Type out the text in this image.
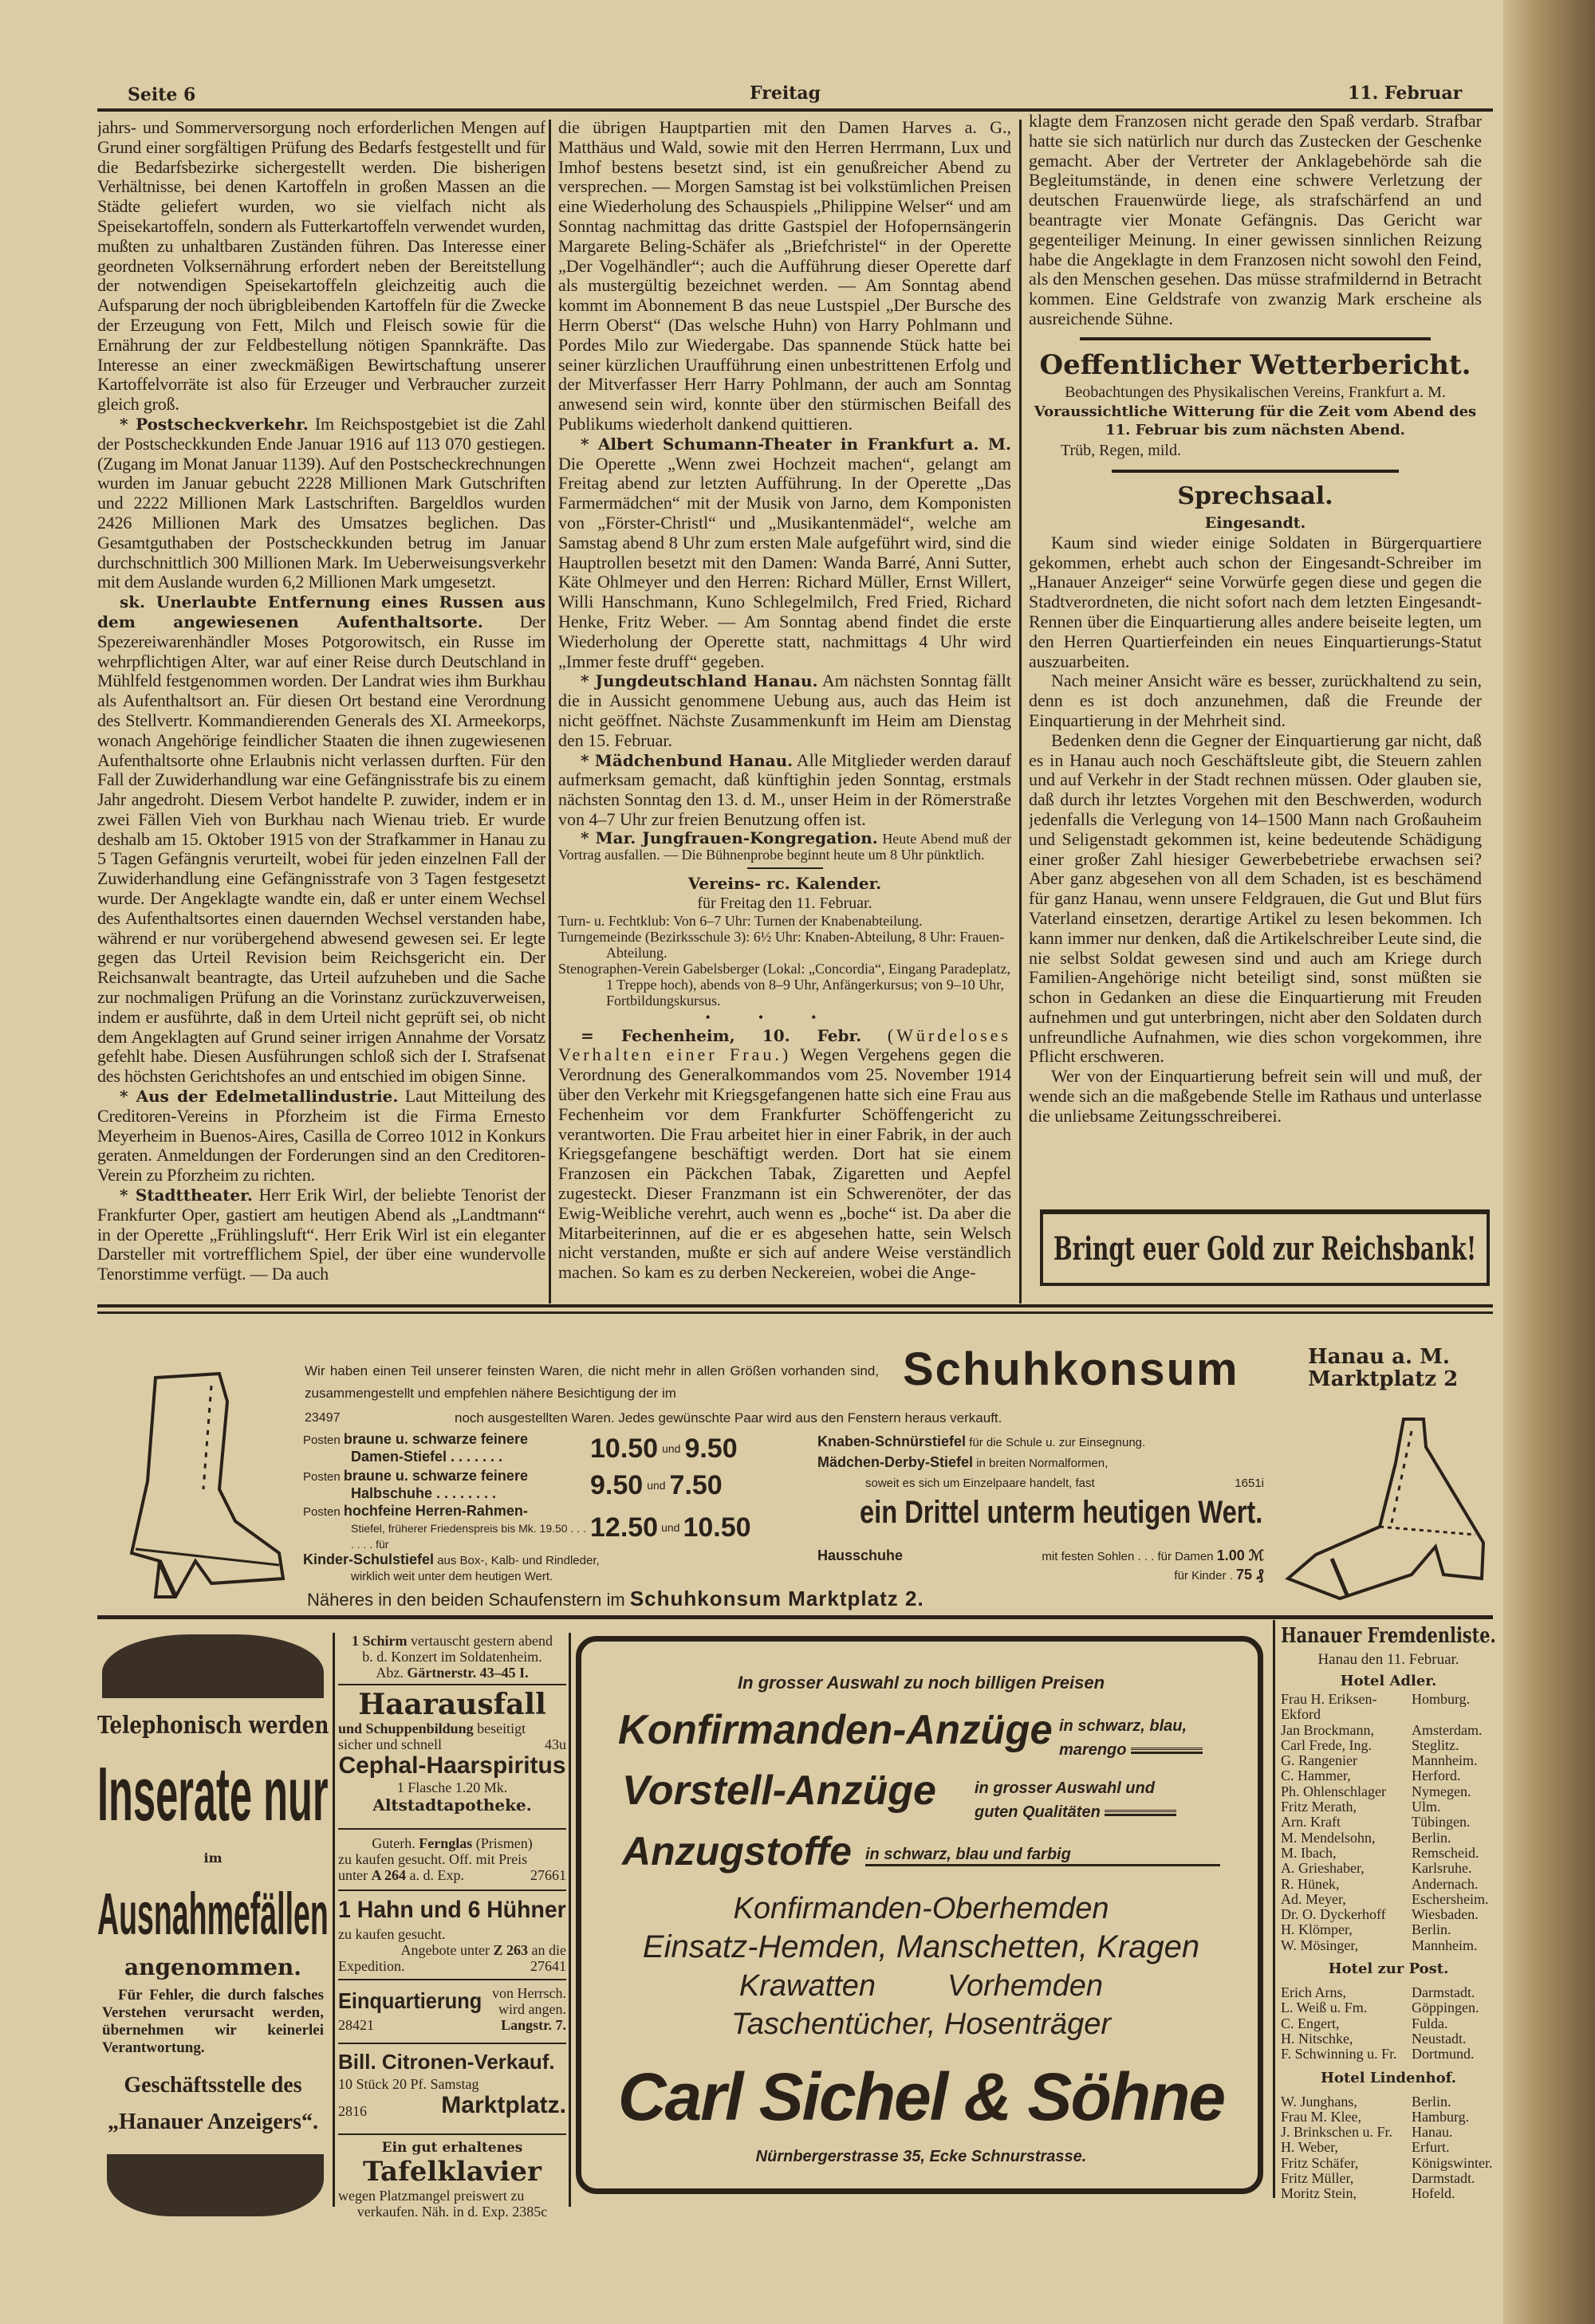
Seite 6	Freitag	11. Februar

jahrs- und Sommerversorgung noch erforderlichen Mengen auf Grund einer sorgfältigen Prüfung des Bedarfs festgestellt und für die Bedarfsbezirke sichergestellt werden. Die bisherigen Verhältnisse, bei denen Kartoffeln in großen Massen an die Städte geliefert wurden, wo sie vielfach nicht als Speisekartoffeln, sondern als Futterkartoffeln verwendet wurden, mußten zu unhaltbaren Zuständen führen. Das Interesse einer geordneten Volksernährung erfordert neben der Bereitstellung der notwendigen Speisekartoffeln gleichzeitig auch die Aufsparung der noch übrigbleibenden Kartoffeln für die Zwecke der Erzeugung von Fett, Milch und Fleisch sowie für die Ernährung der zur Feldbestellung nötigen Spannkräfte. Das Interesse an einer zweckmäßigen Bewirtschaftung unserer Kartoffelvorräte ist also für Erzeuger und Verbraucher zurzeit gleich groß.

* Postscheckverkehr. Im Reichspostgebiet ist die Zahl der Postscheckkunden Ende Januar 1916 auf 113 070 gestiegen. (Zugang im Monat Januar 1139). Auf den Postscheckrechnungen wurden im Januar gebucht 2228 Millionen Mark Gutschriften und 2222 Millionen Mark Lastschriften. Bargeldlos wurden 2426 Millionen Mark des Umsatzes beglichen. Das Gesamtguthaben der Postscheckkunden betrug im Januar durchschnittlich 300 Millionen Mark. Im Ueberweisungsverkehr mit dem Auslande wurden 6,2 Millionen Mark umgesetzt.

sk. Unerlaubte Entfernung eines Russen aus dem angewiesenen Aufenthaltsorte. Der Spezereiwarenhändler Moses Potgorowitsch, ein Russe im wehrpflichtigen Alter, war auf einer Reise durch Deutschland in Mühlfeld festgenommen worden. Der Landrat wies ihm Burkhau als Aufenthaltsort an. Für diesen Ort bestand eine Verordnung des Stellvertr. Kommandierenden Generals des XI. Armeekorps, wonach Angehörige feindlicher Staaten die ihnen zugewiesenen Aufenthaltsorte ohne Erlaubnis nicht verlassen durften. Für den Fall der Zuwiderhandlung war eine Gefängnisstrafe bis zu einem Jahr angedroht. Diesem Verbot handelte P. zuwider, indem er in zwei Fällen Vieh von Burkhau nach Wienau trieb. Er wurde deshalb am 15. Oktober 1915 von der Strafkammer in Hanau zu 5 Tagen Gefängnis verurteilt, wobei für jeden einzelnen Fall der Zuwiderhandlung eine Gefängnisstrafe von 3 Tagen festgesetzt wurde. Der Angeklagte wandte ein, daß er unter einem Wechsel des Aufenthaltsortes einen dauernden Wechsel verstanden habe, während er nur vorübergehend abwesend gewesen sei. Er legte gegen das Urteil Revision beim Reichsgericht ein. Der Reichsanwalt beantragte, das Urteil aufzuheben und die Sache zur nochmaligen Prüfung an die Vorinstanz zurückzuverweisen, indem er ausführte, daß in dem Urteil nicht geprüft sei, ob nicht dem Angeklagten auf Grund seiner irrigen Annahme der Vorsatz gefehlt habe. Diesen Ausführungen schloß sich der I. Strafsenat des höchsten Gerichtshofes an und entschied im obigen Sinne.

* Aus der Edelmetallindustrie. Laut Mitteilung des Creditoren-Vereins in Pforzheim ist die Firma Ernesto Meyerheim in Buenos-Aires, Casilla de Correo 1012 in Konkurs geraten. Anmeldungen der Forderungen sind an den Creditoren-Verein zu Pforzheim zu richten.

* Stadttheater. Herr Erik Wirl, der beliebte Tenorist der Frankfurter Oper, gastiert am heutigen Abend als „Landtmann“ in der Operette „Frühlingsluft“. Herr Erik Wirl ist ein eleganter Darsteller mit vortrefflichem Spiel, der über eine wundervolle Tenorstimme verfügt. — Da auch

die übrigen Hauptpartien mit den Damen Harves a. G., Matthäus und Wald, sowie mit den Herren Herrmann, Lux und Imhof bestens besetzt sind, ist ein genußreicher Abend zu versprechen. — Morgen Samstag ist bei volkstümlichen Preisen eine Wiederholung des Schauspiels „Philippine Welser“ und am Sonntag nachmittag das dritte Gastspiel der Hofopernsängerin Margarete Beling-Schäfer als „Briefchristel“ in der Operette „Der Vogelhändler“; auch die Aufführung dieser Operette darf als mustergültig bezeichnet werden. — Am Sonntag abend kommt im Abonnement B das neue Lustspiel „Der Bursche des Herrn Oberst“ (Das welsche Huhn) von Harry Pohlmann und Pordes Milo zur Wiedergabe. Das spannende Stück hatte bei seiner kürzlichen Uraufführung einen unbestrittenen Erfolg und der Mitverfasser Herr Harry Pohlmann, der auch am Sonntag anwesend sein wird, konnte über den stürmischen Beifall des Publikums wiederholt dankend quittieren.

* Albert Schumann-Theater in Frankfurt a. M. Die Operette „Wenn zwei Hochzeit machen“, gelangt am Freitag abend zur letzten Aufführung. In der Operette „Das Farmermädchen“ mit der Musik von Jarno, dem Komponisten von „Förster-Christl“ und „Musikantenmädel“, welche am Samstag abend 8 Uhr zum ersten Male aufgeführt wird, sind die Hauptrollen besetzt mit den Damen: Wanda Barré, Anni Sutter, Käte Ohlmeyer und den Herren: Richard Müller, Ernst Willert, Willi Hanschmann, Kuno Schlegelmilch, Fred Fried, Richard Henke, Fritz Weber. — Am Sonntag abend findet die erste Wiederholung der Operette statt, nachmittags 4 Uhr wird „Immer feste druff“ gegeben.

* Jungdeutschland Hanau. Am nächsten Sonntag fällt die in Aussicht genommene Uebung aus, auch das Heim ist nicht geöffnet. Nächste Zusammenkunft im Heim am Dienstag den 15. Februar.

* Mädchenbund Hanau. Alle Mitglieder werden darauf aufmerksam gemacht, daß künftighin jeden Sonntag, erstmals nächsten Sonntag den 13. d. M., unser Heim in der Römerstraße von 4–7 Uhr zur freien Benutzung offen ist.

* Mar. Jungfrauen-Kongregation. Heute Abend muß der Vortrag ausfallen. — Die Bühnenprobe beginnt heute um 8 Uhr pünktlich.

Vereins- rc. Kalender.
für Freitag den 11. Februar.
Turn- u. Fechtklub: Von 6–7 Uhr: Turnen der Knabenabteilung.
Turngemeinde (Bezirksschule 3): 6½ Uhr: Knaben-Abteilung, 8 Uhr: Frauen-Abteilung.
Stenographen-Verein Gabelsberger (Lokal: „Concordia“, Eingang Paradeplatz, 1 Treppe hoch), abends von 8–9 Uhr, Anfängerkursus; von 9–10 Uhr, Fortbildungskursus.
•••

= Fechenheim, 10. Febr. (Würdeloses Verhalten einer Frau.) Wegen Vergehens gegen die Verordnung des Generalkommandos vom 25. November 1914 über den Verkehr mit Kriegsgefangenen hatte sich eine Frau aus Fechenheim vor dem Frankfurter Schöffengericht zu verantworten. Die Frau arbeitet hier in einer Fabrik, in der auch Kriegsgefangene beschäftigt werden. Dort hat sie einem Franzosen ein Päckchen Tabak, Zigaretten und Aepfel zugesteckt. Dieser Franzmann ist ein Schwerenöter, der das Ewig-Weibliche verehrt, auch wenn es „boche“ ist. Da aber die Mitarbeiterinnen, auf die er es abgesehen hatte, sein Welsch nicht verstanden, mußte er sich auf andere Weise verständlich machen. So kam es zu derben Neckereien, wobei die Ange-

klagte dem Franzosen nicht gerade den Spaß verdarb. Strafbar hatte sie sich natürlich nur durch das Zustecken der Geschenke gemacht. Aber der Vertreter der Anklagebehörde sah die Begleitumstände, in denen eine schwere Verletzung der deutschen Frauenwürde liege, als strafschärfend an und beantragte vier Monate Gefängnis. Das Gericht war gegenteiliger Meinung. In einer gewissen sinnlichen Reizung habe die Angeklagte in dem Franzosen nicht sowohl den Feind, als den Menschen gesehen. Das müsse strafmildernd in Betracht kommen. Eine Geldstrafe von zwanzig Mark erscheine als ausreichende Sühne.

Oeffentlicher Wetterbericht.
Beobachtungen des Physikalischen Vereins, Frankfurt a. M.
Voraussichtliche Witterung für die Zeit vom Abend des 11. Februar bis zum nächsten Abend.
Trüb, Regen, mild.
Sprechsaal.
Eingesandt.

Kaum sind wieder einige Soldaten in Bürgerquartiere gekommen, erhebt auch schon der Eingesandt-Schreiber im „Hanauer Anzeiger“ seine Vorwürfe gegen diese und gegen die Stadtverordneten, die nicht sofort nach dem letzten Eingesandt-Rennen über die Einquartierung alles andere beiseite legten, um den Herren Quartierfeinden ein neues Einquartierungs-Statut auszuarbeiten.

Nach meiner Ansicht wäre es besser, zurückhaltend zu sein, denn es ist doch anzunehmen, daß die Freunde der Einquartierung in der Mehrheit sind.

Bedenken denn die Gegner der Einquartierung gar nicht, daß es in Hanau auch noch Geschäftsleute gibt, die Steuern zahlen und auf Verkehr in der Stadt rechnen müssen. Oder glauben sie, daß durch ihr letztes Vorgehen mit den Beschwerden, wodurch jedenfalls die Verlegung von 14–1500 Mann nach Großauheim und Seligenstadt gekommen ist, keine bedeutende Schädigung einer großer Zahl hiesiger Gewerbebetriebe erwachsen sei? Aber ganz abgesehen von all dem Schaden, ist es beschämend für ganz Hanau, wenn unsere Feldgrauen, die Gut und Blut fürs Vaterland einsetzen, derartige Artikel zu lesen bekommen. Ich kann immer nur denken, daß die Artikelschreiber Leute sind, die nie selbst Soldat gewesen sind und auch am Kriege durch Familien-Angehörige nicht beteiligt sind, sonst müßten sie schon in Gedanken an diese die Einquartierung mit Freuden aufnehmen und gut unterbringen, nicht aber den Soldaten durch unfreundliche Aufnahmen, wie dies schon vorgekommen, ihre Pflicht erschweren.

Wer von der Einquartierung befreit sein will und muß, der wende sich an die maßgebende Stelle im Rathaus und unterlasse die unliebsame Zeitungsschreiberei.

Bringt euer Gold zur Reichsbank!
Wir haben einen Teil unserer feinsten Waren, die nicht mehr in allen Größen vorhanden sind, zusammengestellt und empfehlen nähere Besichtigung der im
23497	noch ausgestellten Waren. Jedes gewünschte Paar wird aus den Fenstern heraus verkauft.
Schuhkonsum	Hanau a. M.
Marktplatz 2
Posten braune u. schwarze feinere
Damen-Stiefel . . . . . . .	10.50 und 9.50
Posten braune u. schwarze feinere
Halbschuhe . . . . . . . .	9.50 und 7.50
Posten hochfeine Herren-Rahmen-

Stiefel, früherer Friedenspreis bis Mk. 19.50 . . . . . . . für
12.50 und 10.50
Kinder-Schulstiefel aus Box-, Kalb- und Rindleder,
wirklich weit unter dem heutigen Wert.
Knaben-Schnürstiefel für die Schule u. zur Einsegnung.
Mädchen-Derby-Stiefel in breiten Normalformen,
soweit es sich um Einzelpaare handelt, fast	1651i
ein Drittel unterm heutigen Wert.
Hausschuhe	mit festen Sohlen . . . für Damen 1.00 ℳ
für Kinder . 75 ₰
Näheres in den beiden Schaufenstern im Schuhkonsum Marktplatz 2.
Telephonisch werden
Inserate nur
im
Ausnahmefällen
angenommen.
Für Fehler, die durch falsches Verstehen verursacht werden, übernehmen wir keinerlei Verantwortung.
Geschäftsstelle des
„Hanauer Anzeigers“.
1 Schirm vertauscht gestern abend
b. d. Konzert im Soldatenheim.
Abz. Gärtnerstr. 43–45 I.
Haarausfall
und Schuppenbildung beseitigt
sicher und schnell	43u
Cephal-Haarspiritus
1 Flasche 1.20 Mk.
Altstadtapotheke.
Guterh. Fernglas (Prismen)
zu kaufen gesucht. Off. mit Preis
unter A 264 a. d. Exp.	27661
1 Hahn und 6 Hühner
zu kaufen gesucht.
Angebote unter Z 263 an die
Expedition.	27641
Einquartierung von Herrsch.
wird angen.
28421	Langstr. 7.
Bill. Citronen-Verkauf.
10 Stück 20 Pf. Samstag
2816	Marktplatz.
Ein gut erhaltenes
Tafelklavier
wegen Platzmangel preiswert zu
verkaufen. Näh. in d. Exp. 2385c
In grosser Auswahl zu noch billigen Preisen
Konfirmanden-Anzüge in schwarz, blau,
marengo
Vorstell-Anzüge	in grosser Auswahl und
guten Qualitäten
Anzugstoffe in schwarz, blau und farbig
Konfirmanden-Oberhemden
Einsatz-Hemden, Manschetten, Kragen
Krawatten Vorhemden
Taschentücher, Hosenträger
Carl Sichel & Söhne
Nürnbergerstrasse 35, Ecke Schnurstrasse.
Hanauer Fremdenliste.
Hanau den 11. Februar.
Hotel Adler.
Frau H. Eriksen-Ekford
Homburg.
Jan Brockmann,	Amsterdam.
Carl Frede, Ing.	Steglitz.
G. Rangenier	Mannheim.
C. Hammer,	Herford.
Ph. Ohlenschlager	Nymegen.
Fritz Merath,	Ulm.
Arn. Kraft	Tübingen.
M. Mendelsohn,	Berlin.
M. Ibach,	Remscheid.
A. Grieshaber,	Karlsruhe.
R. Hünek,	Andernach.
Ad. Meyer,	Eschersheim.
Dr. O. Dyckerhoff	Wiesbaden.
H. Klömper,	Berlin.
W. Mösinger,	Mannheim.
Hotel zur Post.
Erich Arns,	Darmstadt.
L. Weiß u. Fm.	Göppingen.
C. Engert,	Fulda.
H. Nitschke,	Neustadt.
F. Schwinning u. Fr.	Dortmund.
Hotel Lindenhof.
W. Junghans,	Berlin.
Frau M. Klee,	Hamburg.
J. Brinkschen u. Fr.	Hanau.
H. Weber,	Erfurt.
Fritz Schäfer,	Königswinter.
Fritz Müller,	Darmstadt.
Moritz Stein,	Hofeld.
